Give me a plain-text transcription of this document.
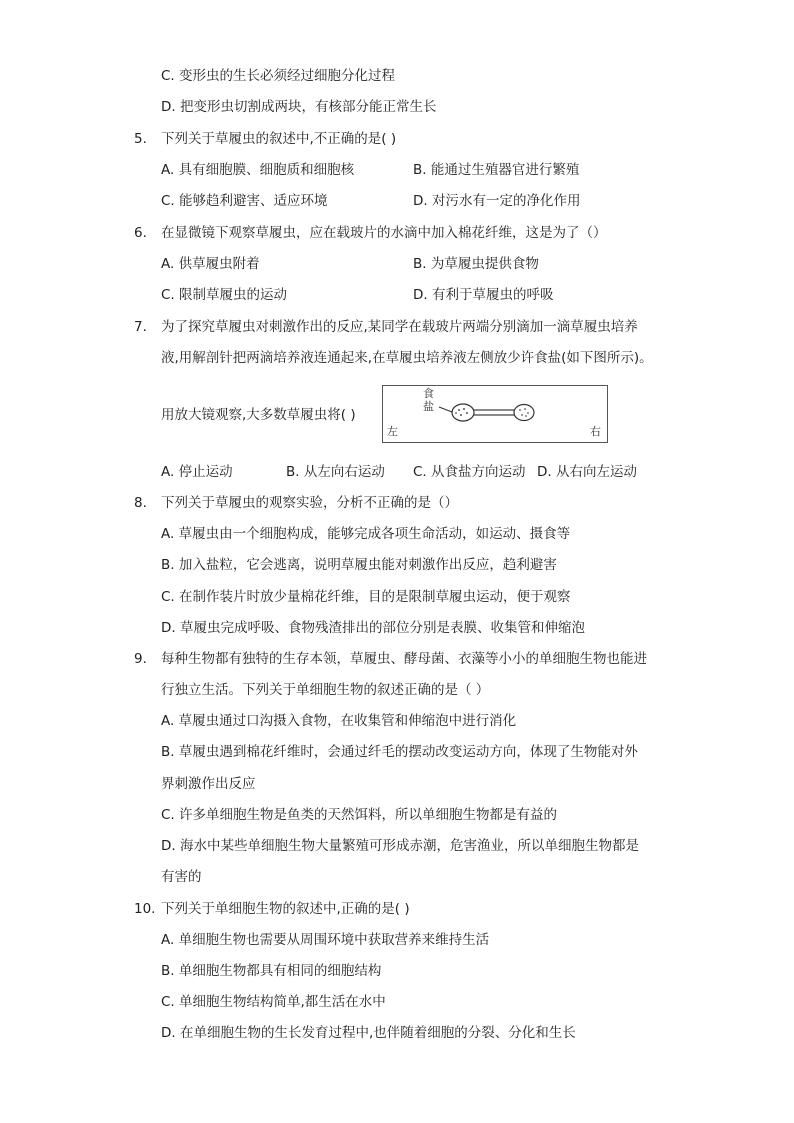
C. 变形虫的生长必须经过细胞分化过程
D. 把变形虫切割成两块，有核部分能正常生长
5. 下列关于草履虫的叙述中,不正确的是( )
A. 具有细胞膜、细胞质和细胞核	B. 能通过生殖器官进行繁殖
C. 能够趋利避害、适应环境	D. 对污水有一定的净化作用
6. 在显微镜下观察草履虫，应在载玻片的水滴中加入棉花纤维，这是为了（）
A. 供草履虫附着	B. 为草履虫提供食物
C. 限制草履虫的运动	D. 有利于草履虫的呼吸
7. 为了探究草履虫对刺激作出的反应,某同学在载玻片两端分别滴加一滴草履虫培养
液,用解剖针把两滴培养液连通起来,在草履虫培养液左侧放少许食盐(如下图所示)。
用放大镜观察,大多数草履虫将( )
食
盐
左	右
A. 停止运动	B. 从左向右运动 C. 从食盐方向运动 D. 从右向左运动
8. 下列关于草履虫的观察实验，分析不正确的是（）
A. 草履虫由一个细胞构成，能够完成各项生命活动，如运动、摄食等
B. 加入盐粒，它会逃离，说明草履虫能对刺激作出反应，趋利避害
C. 在制作装片时放少量棉花纤维，目的是限制草履虫运动，便于观察
D. 草履虫完成呼吸、食物残渣排出的部位分别是表膜、收集管和伸缩泡
9. 每种生物都有独特的生存本领，草履虫、酵母菌、衣藻等小小的单细胞生物也能进
行独立生活。下列关于单细胞生物的叙述正确的是（ ）
A. 草履虫通过口沟摄入食物，在收集管和伸缩泡中进行消化
B. 草履虫遇到棉花纤维时，会通过纤毛的摆动改变运动方向，体现了生物能对外
界刺激作出反应
C. 许多单细胞生物是鱼类的天然饵料，所以单细胞生物都是有益的
D. 海水中某些单细胞生物大量繁殖可形成赤潮，危害渔业，所以单细胞生物都是
有害的
10. 下列关于单细胞生物的叙述中,正确的是( )
A. 单细胞生物也需要从周围环境中获取营养来维持生活
B. 单细胞生物都具有相同的细胞结构
C. 单细胞生物结构简单,都生活在水中
D. 在单细胞生物的生长发育过程中,也伴随着细胞的分裂、分化和生长
